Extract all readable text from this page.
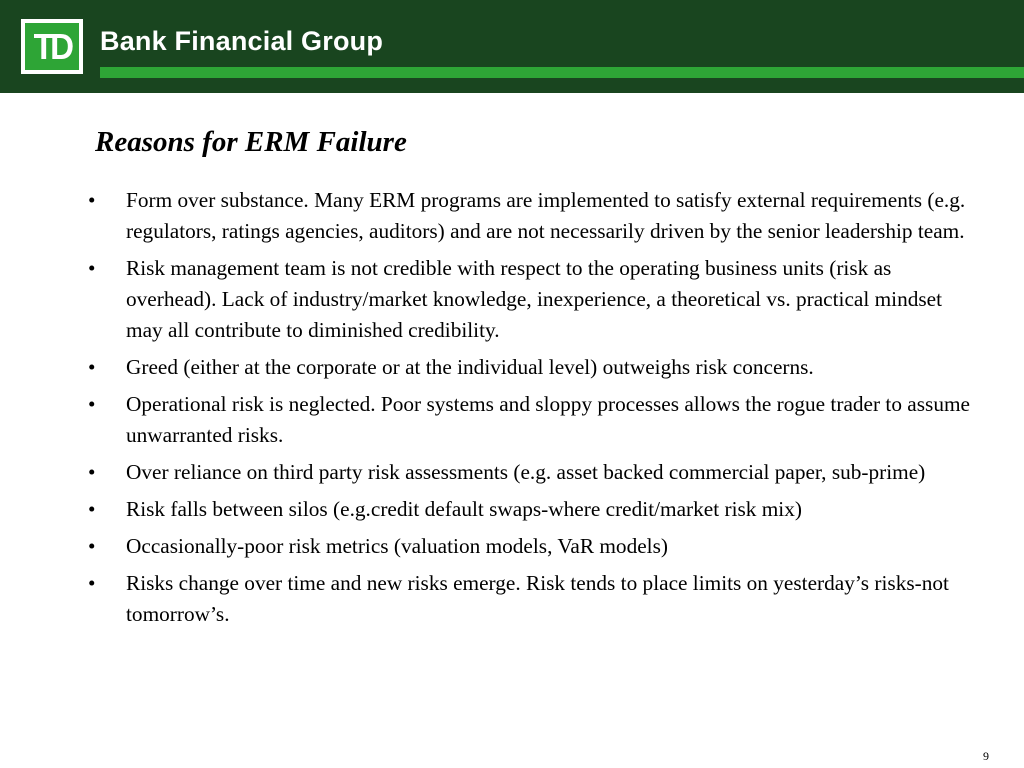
TD Bank Financial Group
Reasons for ERM Failure
• Form over substance. Many ERM programs are implemented to satisfy external requirements (e.g. regulators, ratings agencies, auditors) and are not necessarily driven by the senior leadership team.
• Risk management team is not credible with respect to the operating business units (risk as overhead). Lack of industry/market knowledge, inexperience, a theoretical vs. practical mindset may all contribute to diminished credibility.
• Greed (either at the corporate or at the individual level) outweighs risk concerns.
• Operational risk is neglected. Poor systems and sloppy processes allows the rogue trader to assume unwarranted risks.
• Over reliance on third party risk assessments (e.g. asset backed commercial paper, sub-prime)
• Risk falls between silos (e.g.credit default swaps-where credit/market risk mix)
• Occasionally-poor risk metrics (valuation models, VaR models)
• Risks change over time and new risks emerge. Risk tends to place limits on yesterday’s risks-not tomorrow’s.
9
